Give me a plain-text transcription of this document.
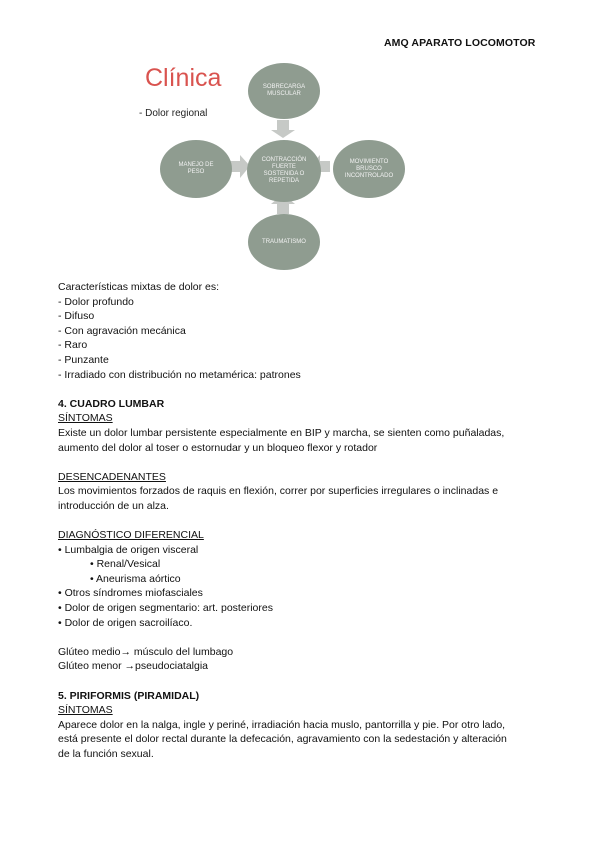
AMQ APARATO LOCOMOTOR
Clínica
- Dolor regional
SOBRECARGA MUSCULAR
CONTRACCIÓN FUERTE SOSTENIDA O REPETIDA
MANEJO DE PESO
MOVIMIENTO BRUSCO INCONTROLADO
TRAUMATISMO

Características mixtas de dolor es:

- Dolor profundo

- Difuso

- Con agravación mecánica

- Raro

- Punzante

- Irradiado con distribución no metamérica: patrones

4. CUADRO LUMBAR

SÍNTOMAS

Existe un dolor lumbar persistente especialmente en BIP y marcha, se sienten como puñaladas,

aumento del dolor al toser o estornudar y un bloqueo flexor y rotador

DESENCADENANTES

Los movimientos forzados de raquis en flexión, correr por superficies irregulares o inclinadas e

introducción de un alza.

DIAGNÓSTICO DIFERENCIAL

• Lumbalgia de origen visceral

• Renal/Vesical

• Aneurisma aórtico

• Otros síndromes miofasciales

• Dolor de origen segmentario: art. posteriores

• Dolor de origen sacroilíaco.

Glúteo medio→ músculo del lumbago

Glúteo menor →pseudociatalgia

5. PIRIFORMIS (PIRAMIDAL)

SÍNTOMAS

Aparece dolor en la nalga, ingle y periné, irradiación hacia muslo, pantorrilla y pie. Por otro lado,

está presente el dolor rectal durante la defecación, agravamiento con la sedestación y alteración

de la función sexual.
